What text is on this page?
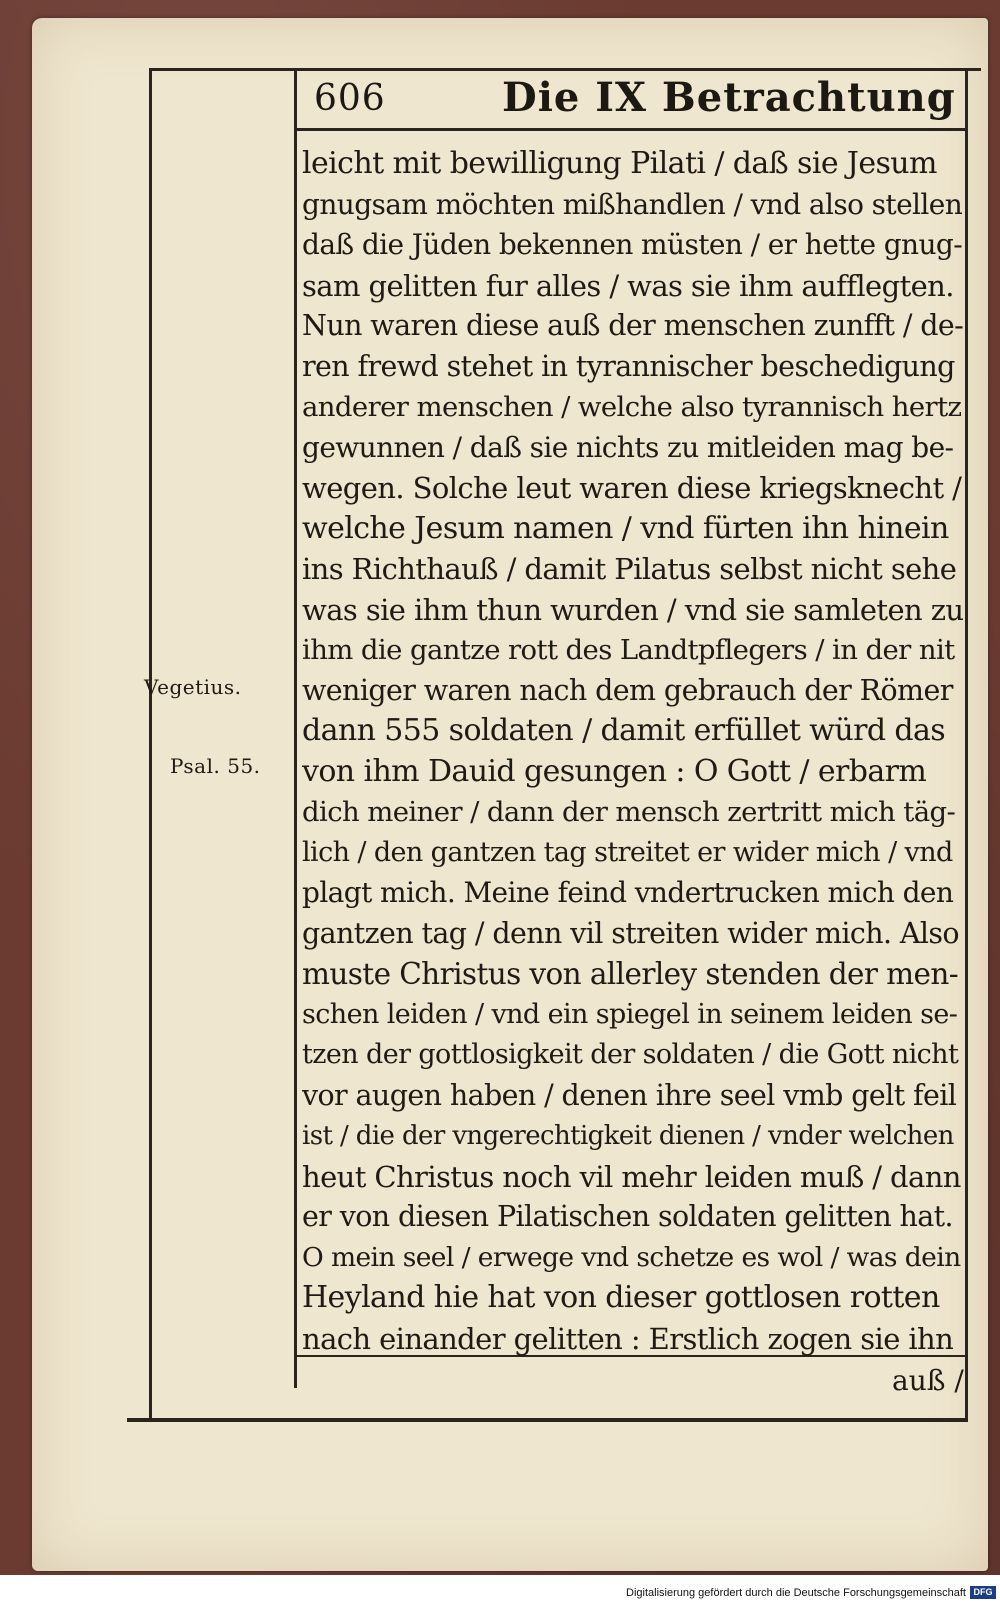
606	Die IX Betrachtung
Vegetius.
Psal. 55.
leicht mit bewilligung Pilati / daß sie Jesum
gnugsam möchten mißhandlen / vnd also stellen
daß die Jüden bekennen müsten / er hette gnug-
sam gelitten fur alles / was sie ihm aufflegten.
Nun waren diese auß der menschen zunfft / de-
ren frewd stehet in tyrannischer beschedigung
anderer menschen / welche also tyrannisch hertz
gewunnen / daß sie nichts zu mitleiden mag be-
wegen. Solche leut waren diese kriegsknecht /
welche Jesum namen / vnd fürten ihn hinein
ins Richthauß / damit Pilatus selbst nicht sehe
was sie ihm thun wurden / vnd sie samleten zu
ihm die gantze rott des Landtpflegers / in der nit
weniger waren nach dem gebrauch der Römer
dann 555 soldaten / damit erfüllet würd das
von ihm Dauid gesungen : O Gott / erbarm
dich meiner / dann der mensch zertritt mich täg-
lich / den gantzen tag streitet er wider mich / vnd
plagt mich. Meine feind vndertrucken mich den
gantzen tag / denn vil streiten wider mich. Also
muste Christus von allerley stenden der men-
schen leiden / vnd ein spiegel in seinem leiden se-
tzen der gottlosigkeit der soldaten / die Gott nicht
vor augen haben / denen ihre seel vmb gelt feil
ist / die der vngerechtigkeit dienen / vnder welchen
heut Christus noch vil mehr leiden muß / dann
er von diesen Pilatischen soldaten gelitten hat.
O mein seel / erwege vnd schetze es wol / was dein
Heyland hie hat von dieser gottlosen rotten
nach einander gelitten : Erstlich zogen sie ihn
auß /
Digitalisierung gefördert durch die Deutsche Forschungsgemeinschaft DFG
